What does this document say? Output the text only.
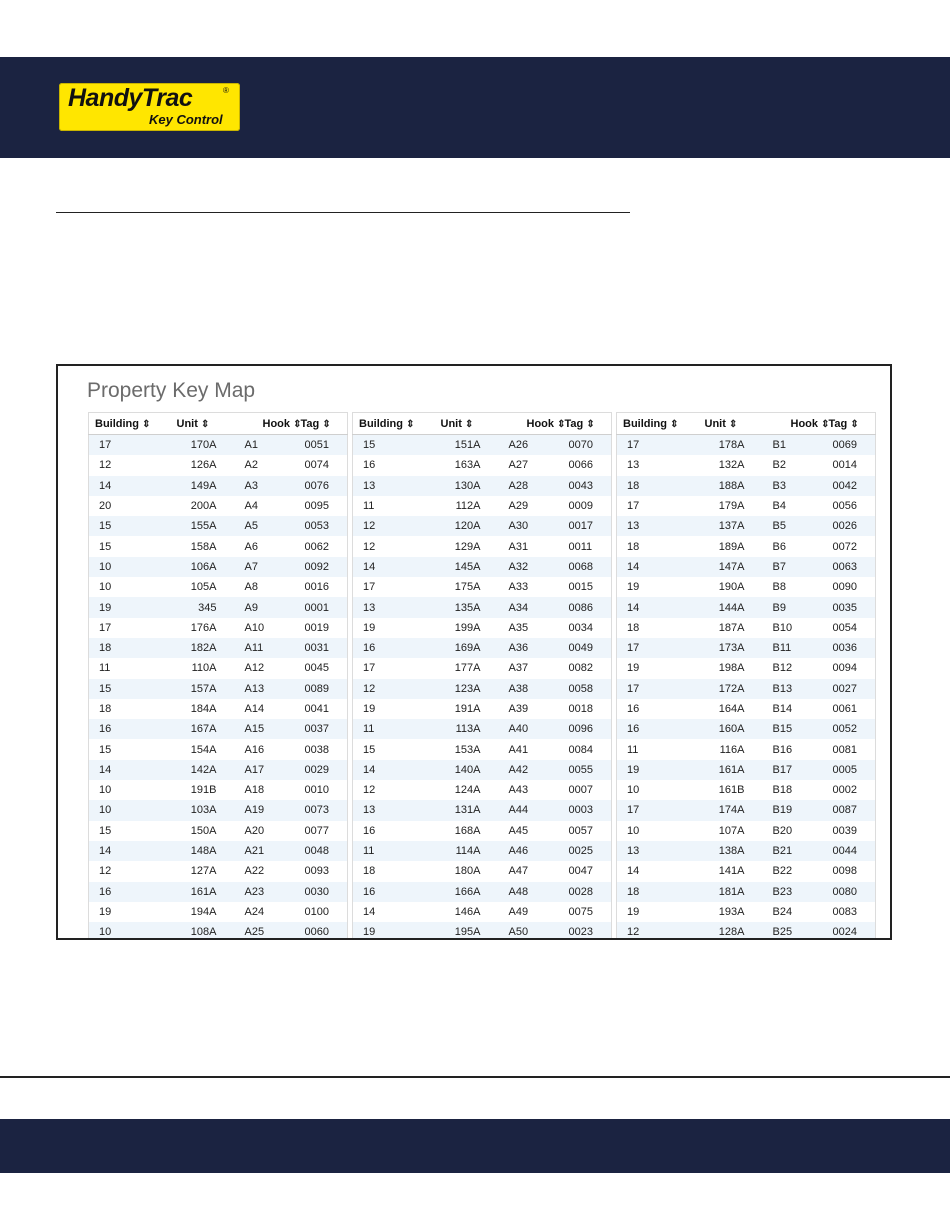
HandyTrac	®
Key Control
Property Key Map
Building ⇕	Unit ⇕	Hook ⇕	Tag ⇕
17	170A	A1	0051
12	126A	A2	0074
14	149A	A3	0076
20	200A	A4	0095
15	155A	A5	0053
15	158A	A6	0062
10	106A	A7	0092
10	105A	A8	0016
19	345	A9	0001
17	176A	A10	0019
18	182A	A11	0031
11	110A	A12	0045
15	157A	A13	0089
18	184A	A14	0041
16	167A	A15	0037
15	154A	A16	0038
14	142A	A17	0029
10	191B	A18	0010
10	103A	A19	0073
15	150A	A20	0077
14	148A	A21	0048
12	127A	A22	0093
16	161A	A23	0030
19	194A	A24	0100
10	108A	A25	0060
Building ⇕	Unit ⇕	Hook ⇕	Tag ⇕
15	151A	A26	0070
16	163A	A27	0066
13	130A	A28	0043
11	112A	A29	0009
12	120A	A30	0017
12	129A	A31	0011
14	145A	A32	0068
17	175A	A33	0015
13	135A	A34	0086
19	199A	A35	0034
16	169A	A36	0049
17	177A	A37	0082
12	123A	A38	0058
19	191A	A39	0018
11	113A	A40	0096
15	153A	A41	0084
14	140A	A42	0055
12	124A	A43	0007
13	131A	A44	0003
16	168A	A45	0057
11	114A	A46	0025
18	180A	A47	0047
16	166A	A48	0028
14	146A	A49	0075
19	195A	A50	0023
Building ⇕	Unit ⇕	Hook ⇕	Tag ⇕
17	178A	B1	0069
13	132A	B2	0014
18	188A	B3	0042
17	179A	B4	0056
13	137A	B5	0026
18	189A	B6	0072
14	147A	B7	0063
19	190A	B8	0090
14	144A	B9	0035
18	187A	B10	0054
17	173A	B11	0036
19	198A	B12	0094
17	172A	B13	0027
16	164A	B14	0061
16	160A	B15	0052
11	116A	B16	0081
19	161A	B17	0005
10	161B	B18	0002
17	174A	B19	0087
10	107A	B20	0039
13	138A	B21	0044
14	141A	B22	0098
18	181A	B23	0080
19	193A	B24	0083
12	128A	B25	0024
